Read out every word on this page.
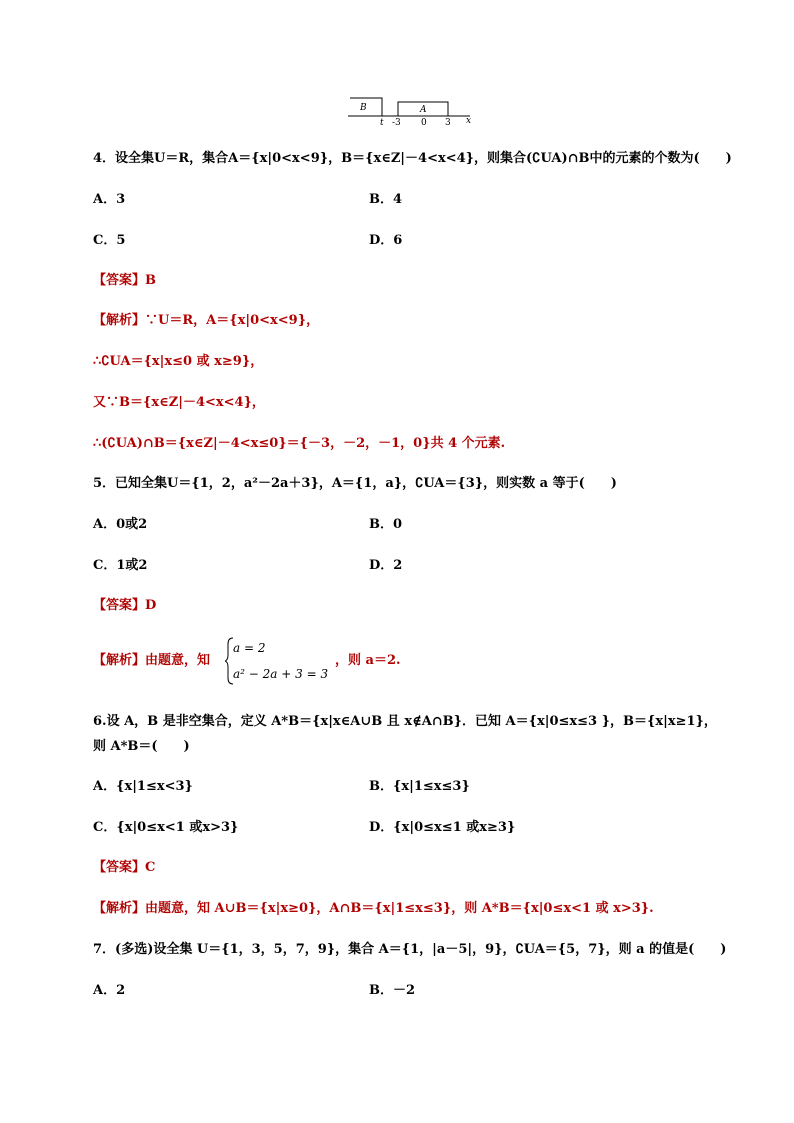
B	A
t -3 0 3 x
4．设全集U＝R，集合A＝{x|0<x<9}，B＝{x∈Z|－4<x<4}，则集合(∁UA)∩B中的元素的个数为(　　)
A．3	B．4
C．5	D．6
【答案】B
【解析】∵U＝R，A＝{x|0<x<9}，
∴∁UA＝{x|x≤0 或 x≥9}，
又∵B＝{x∈Z|－4<x<4}，
∴(∁UA)∩B＝{x∈Z|－4<x≤0}＝{－3，－2，－1，0}共 4 个元素.
5．已知全集U＝{1，2，a²－2a＋3}，A＝{1，a}，∁UA＝{3}，则实数 a 等于(　　)
A．0或2	B．0
C．1或2	D．2
【答案】D
【解析】由题意，知
a = 2
a² − 2a + 3 = 3
，则 a＝2.
6.设 A，B 是非空集合，定义 A*B＝{x|x∈A∪B 且 x∉A∩B}．已知 A＝{x|0≤x≤3 }，B＝{x|x≥1}，
则 A*B＝(　　)
A．{x|1≤x<3}	B．{x|1≤x≤3}
C．{x|0≤x<1 或x>3}	D．{x|0≤x≤1 或x≥3}
【答案】C
【解析】由题意，知 A∪B＝{x|x≥0}，A∩B＝{x|1≤x≤3}，则 A*B＝{x|0≤x<1 或 x>3}.
7．(多选)设全集 U＝{1，3，5，7，9}，集合 A＝{1，|a－5|，9}，∁UA＝{5，7}，则 a 的值是(　　)
A．2	B．－2
